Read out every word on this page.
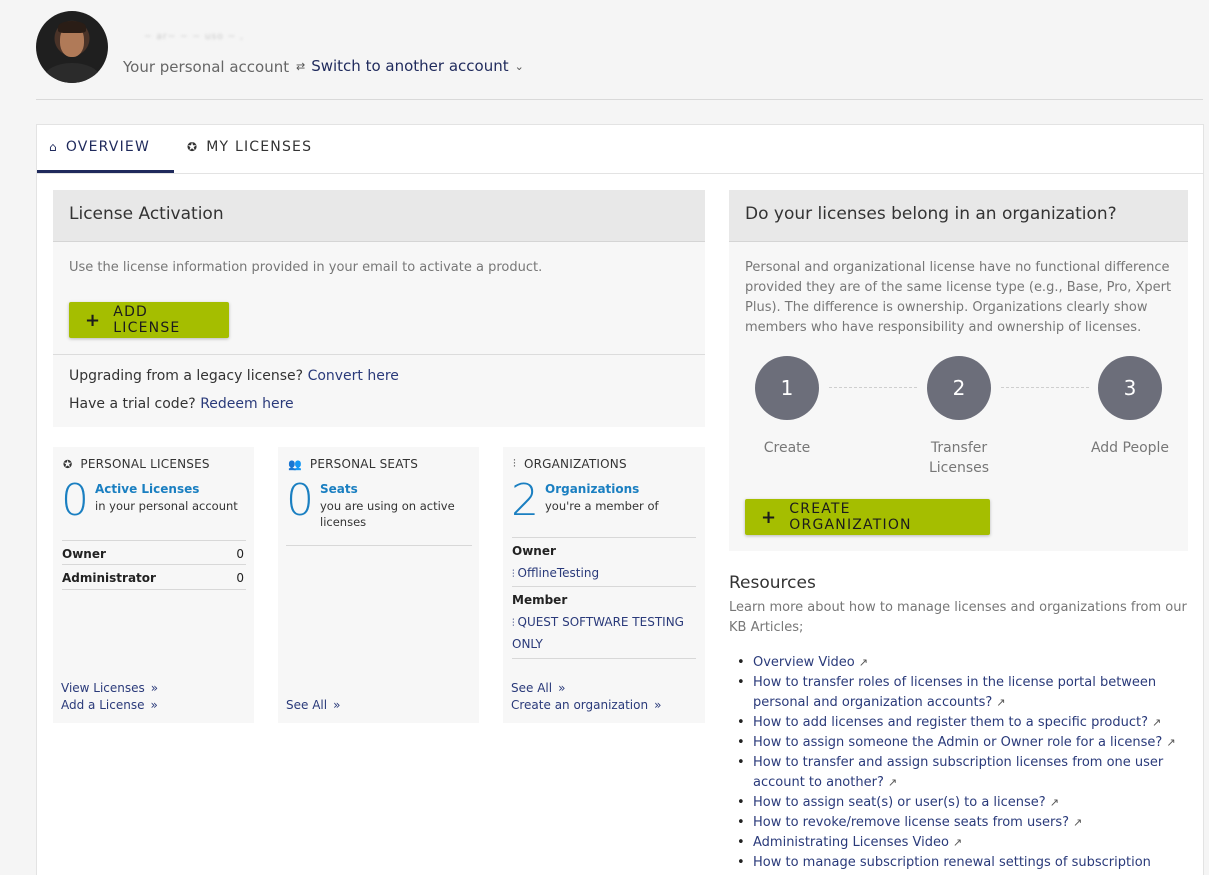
~ ar~ ~ ~ uso ~ ,
Your personal account ⇄ Switch to another account ⌄
⌂ OVERVIEW	✪ MY LICENSES
License Activation
Use the license information provided in your email to activate a product.
+ ADD LICENSE
Upgrading from a legacy license? Convert here
Have a trial code? Redeem here
✪ PERSONAL LICENSES
0 Active Licenses
in your personal account
Owner	0
Administrator	0
View Licenses »
Add a License »
👥 PERSONAL SEATS
0 Seats
you are using on active licenses
See All »
⫶ ORGANIZATIONS
2 Organizations
you're a member of
Owner
⫶ OfflineTesting
Member
⫶ QUEST SOFTWARE TESTING ONLY
See All »
Create an organization »
Do your licenses belong in an organization?
Personal and organizational license have no functional difference provided they are of the same license type (e.g., Base, Pro, Xpert Plus). The difference is ownership. Organizations clearly show members who have responsibility and ownership of licenses.
1	2	3
Create	Transfer Licenses
Add People
+ CREATE ORGANIZATION
Resources
Learn more about how to manage licenses and organizations from our KB Articles;
• Overview Video ↗
• How to transfer roles of licenses in the license portal between personal and organization accounts? ↗
• How to add licenses and register them to a specific product? ↗
• How to assign someone the Admin or Owner role for a license? ↗
• How to transfer and assign subscription licenses from one user account to another? ↗
• How to assign seat(s) or user(s) to a license? ↗
• How to revoke/remove license seats from users? ↗
• Administrating Licenses Video ↗
• How to manage subscription renewal settings of subscription
